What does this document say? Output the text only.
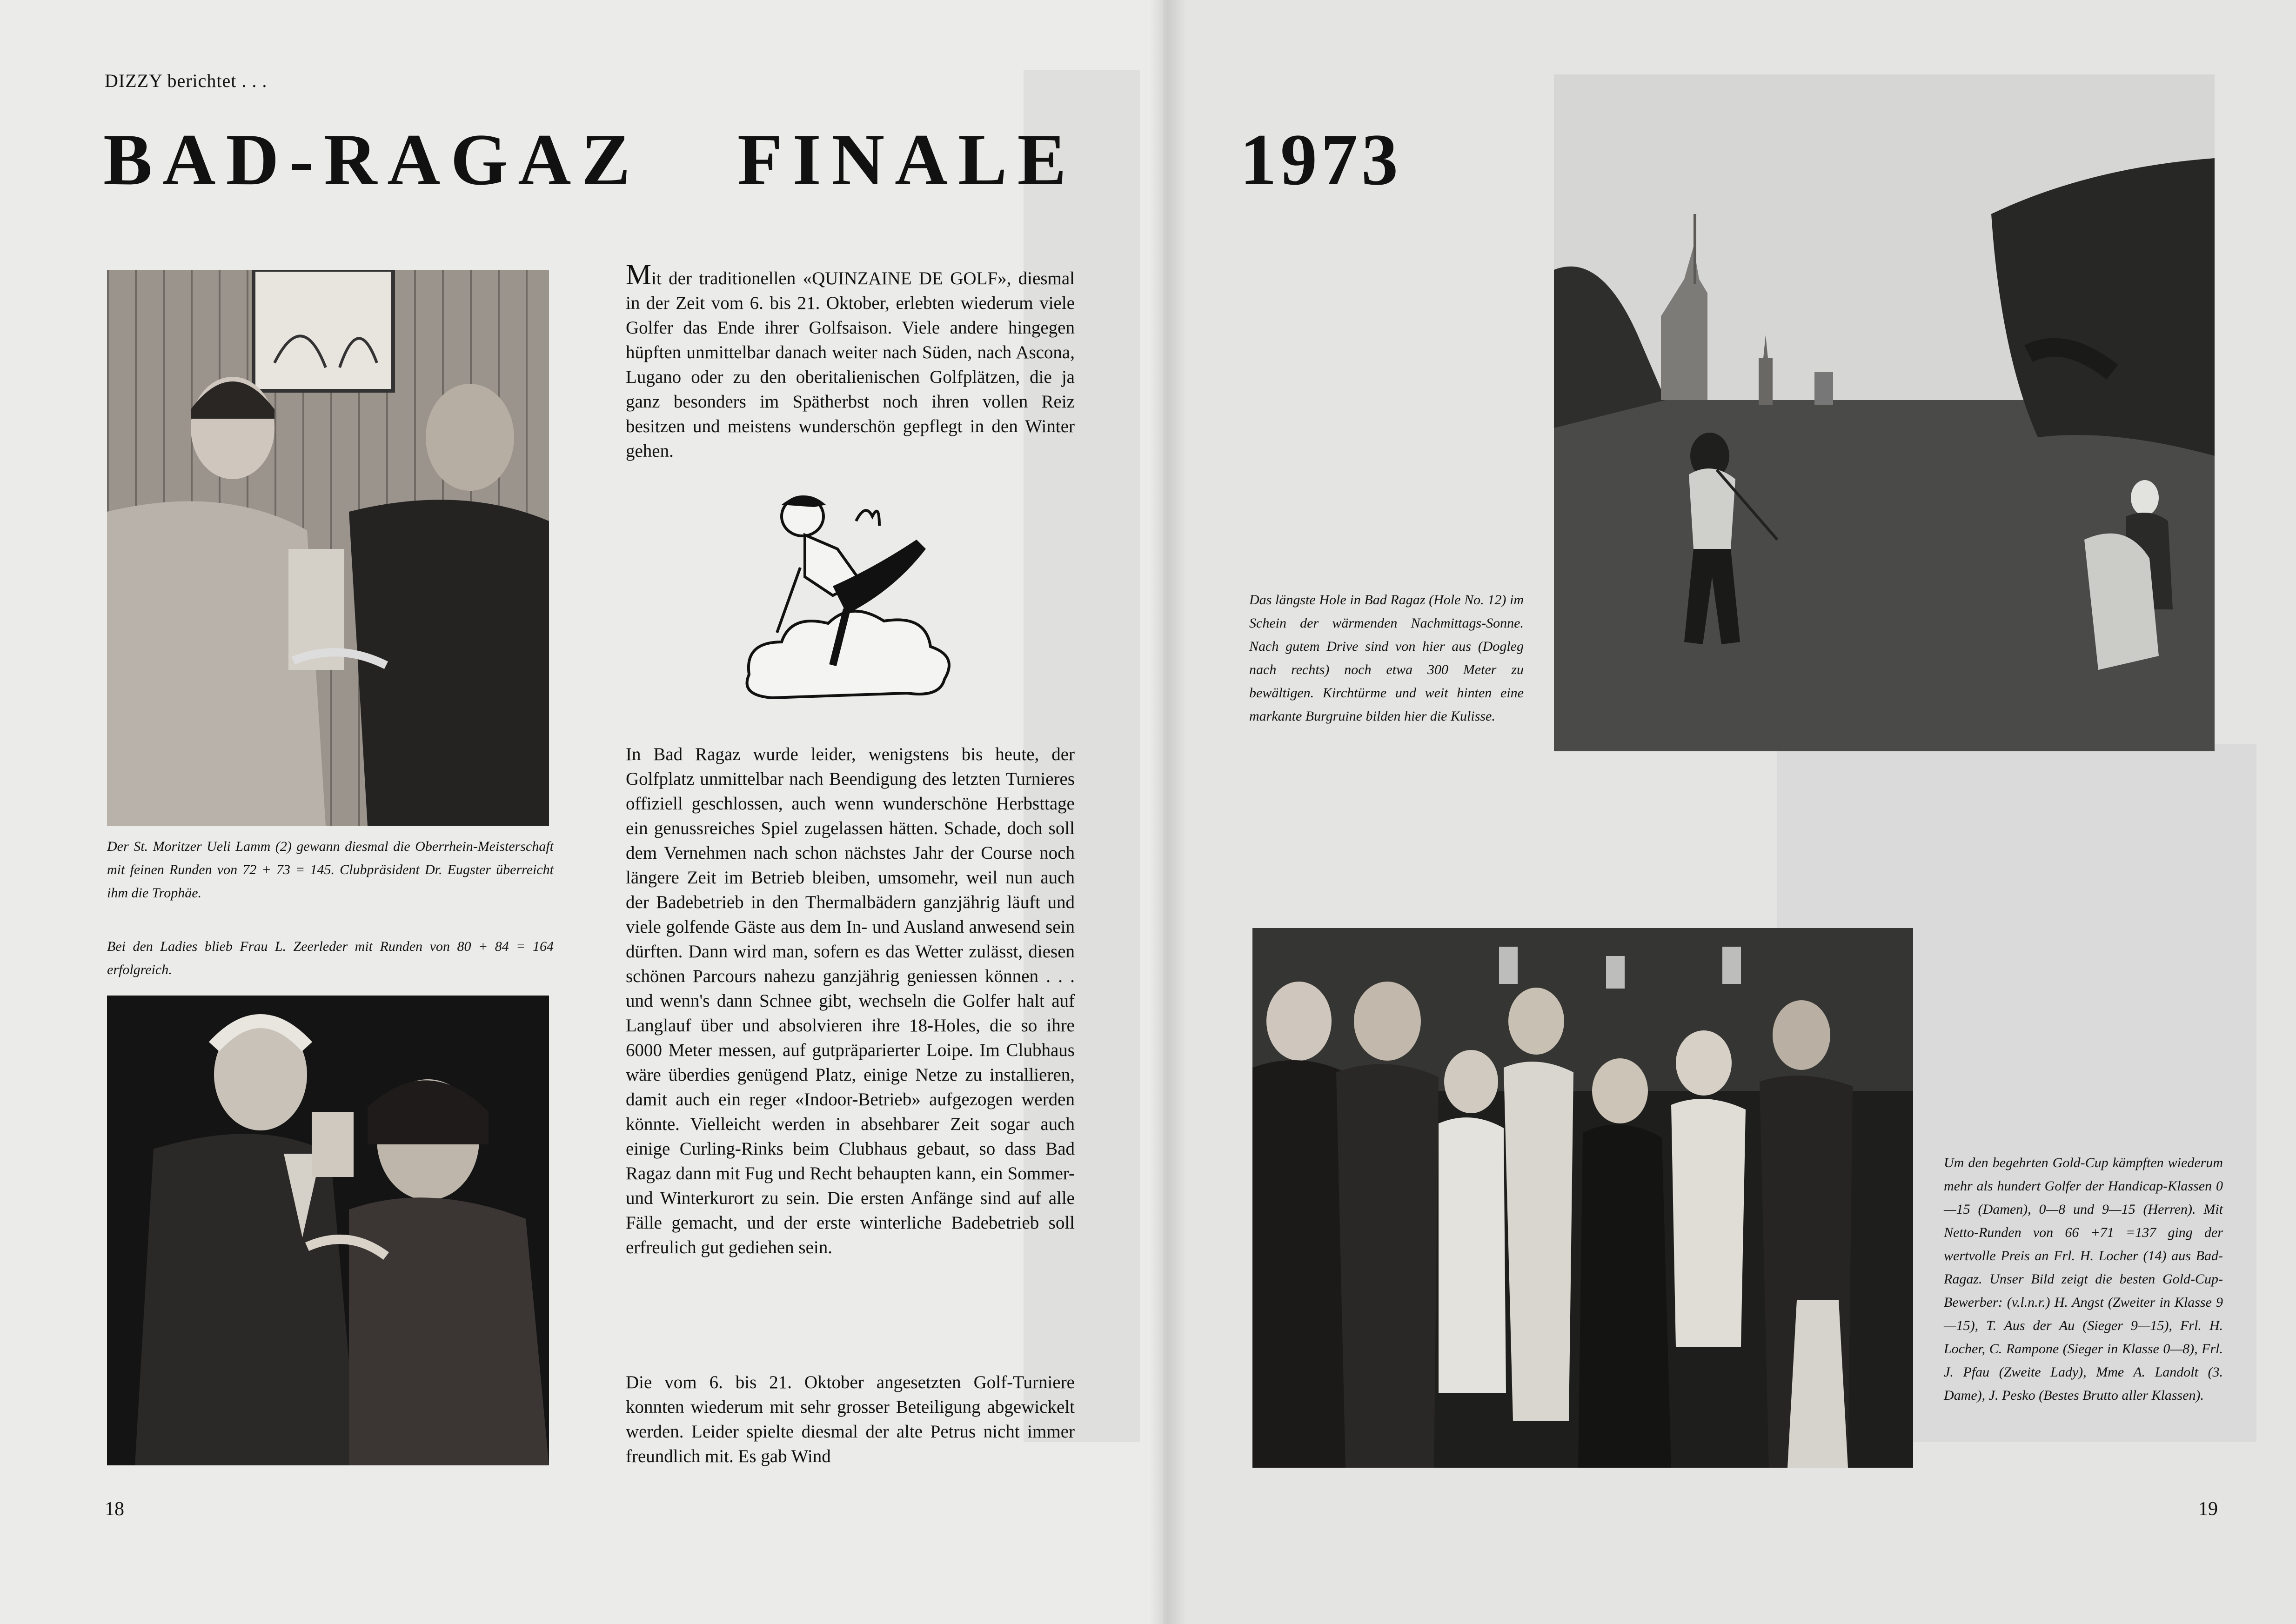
DIZZY berichtet . . .
BAD-RAGAZ FINALE 1973
Der St. Moritzer Ueli Lamm (2) gewann diesmal die Oberrhein-Meisterschaft mit feinen Runden von 72 + 73 = 145. Clubpräsident Dr. Eugster überreicht ihm die Trophäe.
Bei den Ladies blieb Frau L. Zeerleder mit Runden von 80 + 84 = 164 erfolgreich.

Mit der traditionellen «QUINZAINE DE GOLF», diesmal in der Zeit vom 6. bis 21. Oktober, erlebten wiederum viele Golfer das Ende ihrer Golfsaison. Viele andere hingegen hüpften unmittelbar danach weiter nach Süden, nach Ascona, Lugano oder zu den oberitalienischen Golfplätzen, die ja ganz besonders im Spätherbst noch ihren vollen Reiz besitzen und meistens wunderschön gepflegt in den Winter gehen.

In Bad Ragaz wurde leider, wenigstens bis heute, der Golfplatz unmittelbar nach Beendigung des letzten Turnieres offiziell geschlossen, auch wenn wunderschöne Herbsttage ein genussreiches Spiel zugelassen hätten. Schade, doch soll dem Vernehmen nach schon nächstes Jahr der Course noch längere Zeit im Betrieb bleiben, umsomehr, weil nun auch der Badebetrieb in den Thermalbädern ganzjährig läuft und viele golfende Gäste aus dem In- und Ausland anwesend sein dürften. Dann wird man, sofern es das Wetter zulässt, diesen schönen Parcours nahezu ganzjährig geniessen können . . . und wenn's dann Schnee gibt, wechseln die Golfer halt auf Langlauf über und absolvieren ihre 18-Holes, die so ihre 6000 Meter messen, auf gutpräparierter Loipe. Im Clubhaus wäre überdies genügend Platz, einige Netze zu installieren, damit auch ein reger «Indoor-Betrieb» aufgezogen werden könnte. Vielleicht werden in absehbarer Zeit sogar auch einige Curling-Rinks beim Clubhaus gebaut, so dass Bad Ragaz dann mit Fug und Recht behaupten kann, ein Sommer- und Winterkurort zu sein. Die ersten Anfänge sind auf alle Fälle gemacht, und der erste winterliche Badebetrieb soll erfreulich gut gediehen sein.
Die vom 6. bis 21. Oktober angesetzten Golf-Turniere konnten wiederum mit sehr grosser Beteiligung abgewickelt werden. Leider spielte diesmal der alte Petrus nicht immer freundlich mit. Es gab Wind
18
Das längste Hole in Bad Ragaz (Hole No. 12) im Schein der wärmenden Nachmittags-Sonne. Nach gutem Drive sind von hier aus (Dogleg nach rechts) noch etwa 300 Meter zu bewältigen. Kirchtürme und weit hinten eine markante Burgruine bilden hier die Kulisse.
Um den begehrten Gold-Cup kämpften wiederum mehr als hundert Golfer der Handicap-Klassen 0—15 (Damen), 0—8 und 9—15 (Herren). Mit Netto-Runden von 66 +71 =137 ging der wertvolle Preis an Frl. H. Locher (14) aus Bad-Ragaz. Unser Bild zeigt die besten Gold-Cup-Bewerber: (v.l.n.r.) H. Angst (Zweiter in Klasse 9—15), T. Aus der Au (Sieger 9—15), Frl. H. Locher, C. Rampone (Sieger in Klasse 0—8), Frl. J. Pfau (Zweite Lady), Mme A. Landolt (3. Dame), J. Pesko (Bestes Brutto aller Klassen).
19
